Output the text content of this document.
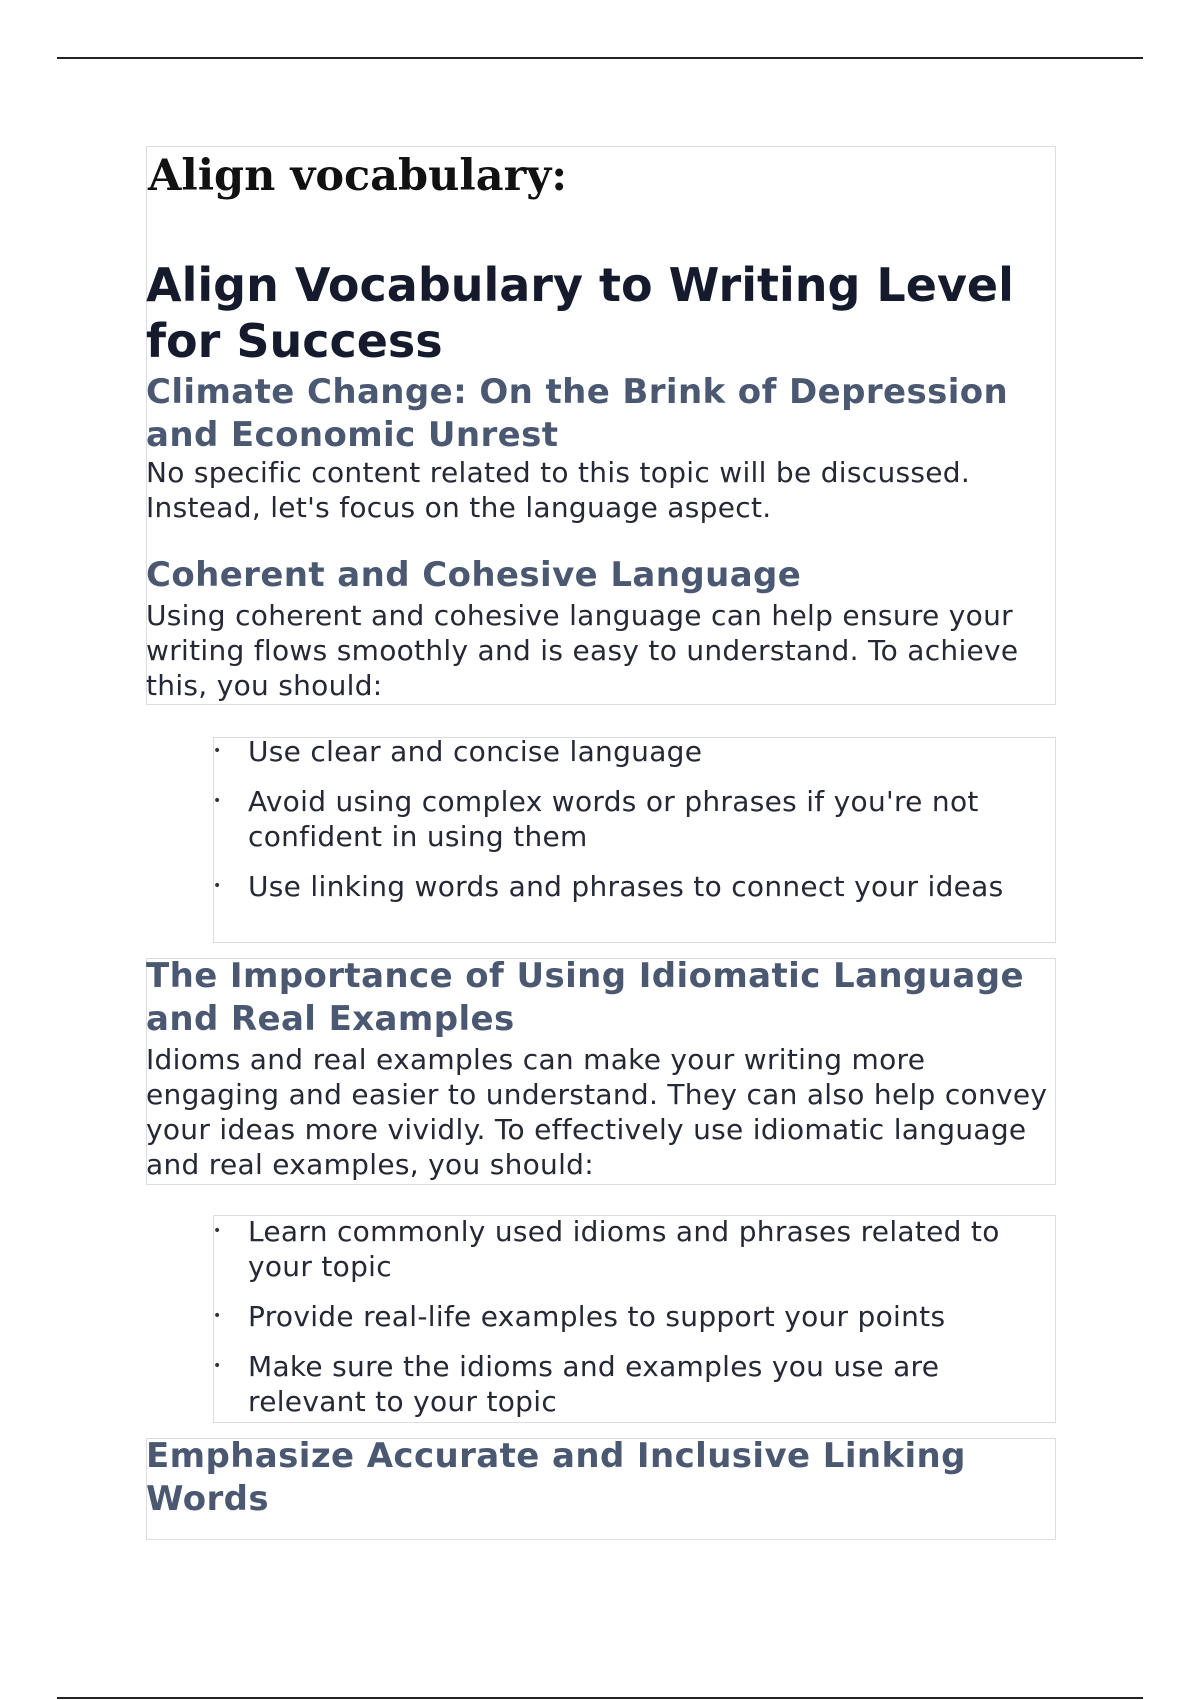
Align vocabulary:
Align Vocabulary to Writing Level for Success
Climate Change: On the Brink of Depression and Economic Unrest

No specific content related to this topic will be discussed. Instead, let's focus on the language aspect.

Coherent and Cohesive Language

Using coherent and cohesive language can help ensure your writing flows smoothly and is easy to understand. To achieve this, you should:

• Use clear and concise language
• Avoid using complex words or phrases if you're not confident in using them
• Use linking words and phrases to connect your ideas
The Importance of Using Idiomatic Language and Real Examples

Idioms and real examples can make your writing more engaging and easier to understand. They can also help convey your ideas more vividly. To effectively use idiomatic language and real examples, you should:

• Learn commonly used idioms and phrases related to your topic
• Provide real-life examples to support your points
• Make sure the idioms and examples you use are relevant to your topic
Emphasize Accurate and Inclusive Linking Words
